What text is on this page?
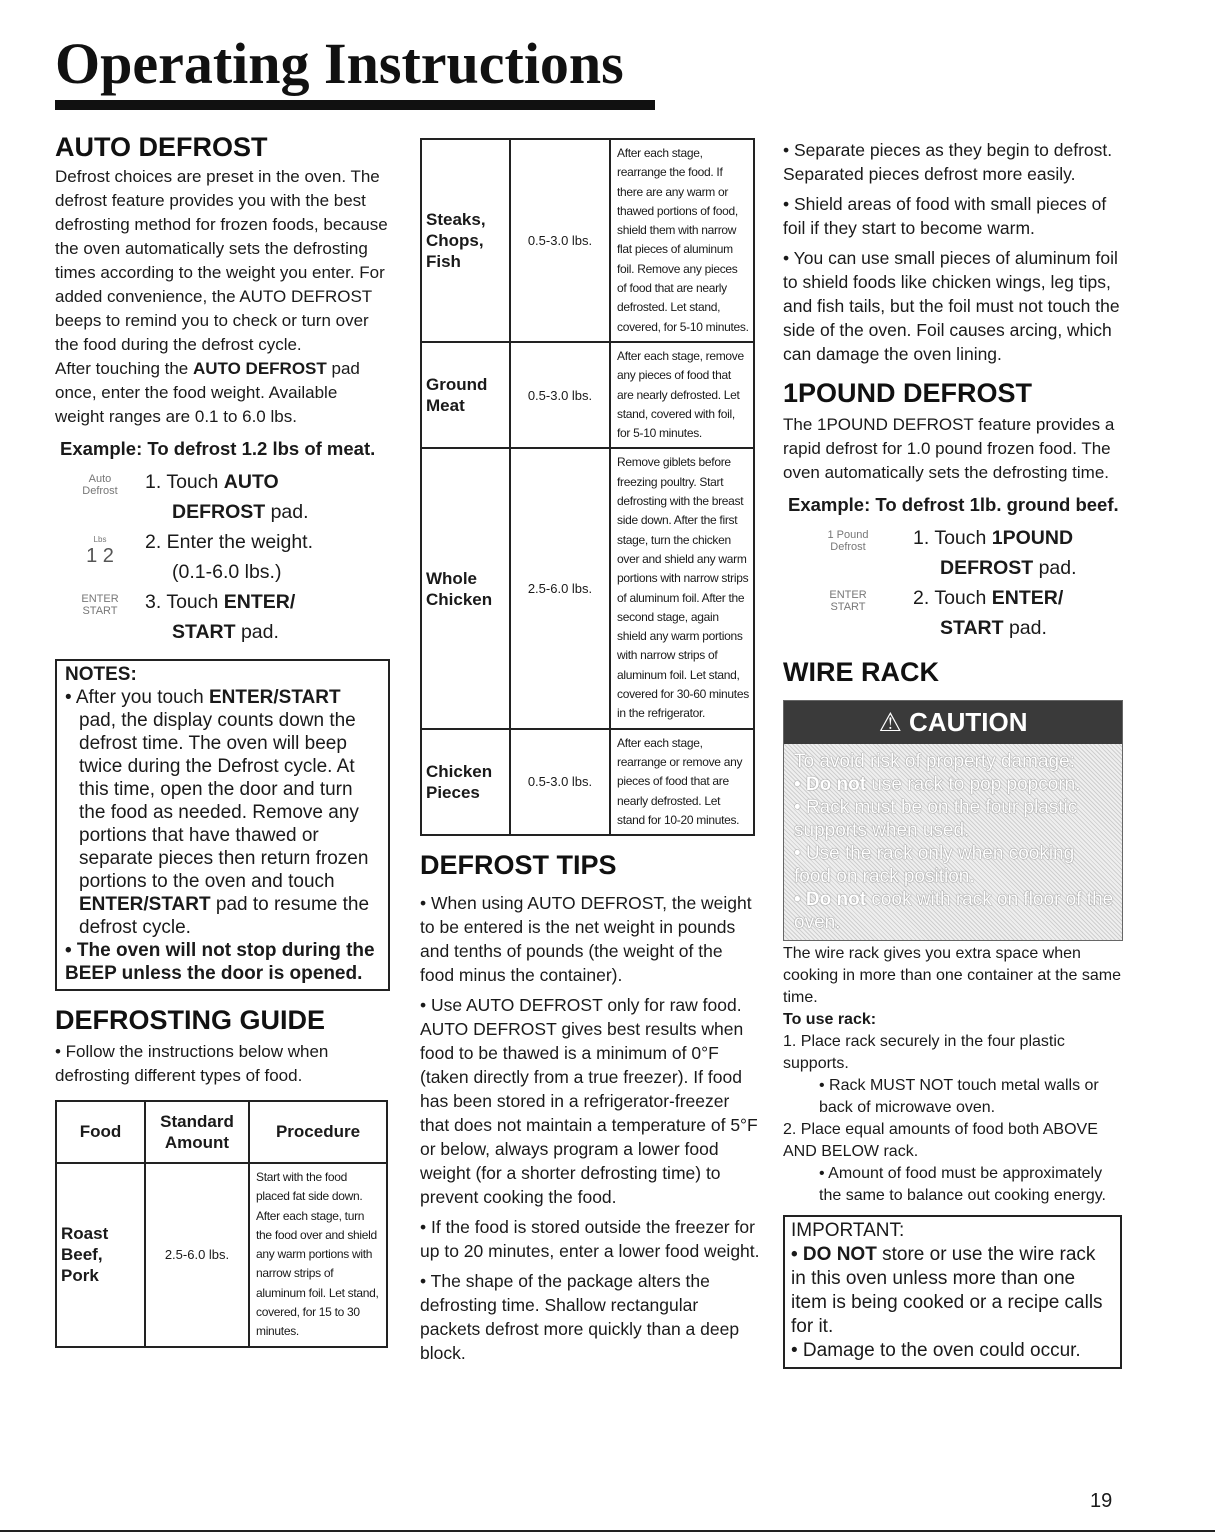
Operating Instructions
AUTO DEFROST

Defrost choices are preset in the oven. The defrost feature provides you with the best defrosting method for frozen foods, because the oven automatically sets the defrosting times according to the weight you enter. For added convenience, the AUTO DEFROST beeps to remind you to check or turn over the food during the defrost cycle.

After touching the AUTO DEFROST pad once, enter the food weight. Available weight ranges are 0.1 to 6.0 lbs.

Example: To defrost 1.2 lbs of meat.
Auto
Defrost	1. Touch AUTO
DEFROST pad.
Lbs
1 2
2. Enter the weight.
(0.1-6.0 lbs.)
ENTER
START	3. Touch ENTER/
START pad.
NOTES:
• After you touch ENTER/START
pad, the display counts down the defrost time. The oven will beep twice during the Defrost cycle. At this time, open the door and turn the food as needed. Remove any portions that have thawed or separate pieces then return frozen portions to the oven and touch ENTER/START pad to resume the defrost cycle.
• The oven will not stop during the BEEP unless the door is opened.
DEFROSTING GUIDE

• Follow the instructions below when defrosting different types of food.

Food	Standard Amount	Procedure
Roast Beef, Pork	2.5-6.0 lbs.	Start with the food placed fat side down. After each stage, turn the food over and shield any warm portions with narrow strips of aluminum foil. Let stand, covered, for 15 to 30 minutes.
Steaks, Chops, Fish	0.5-3.0 lbs.	After each stage, rearrange the food. If there are any warm or thawed portions of food, shield them with narrow flat pieces of aluminum foil. Remove any pieces of food that are nearly defrosted. Let stand, covered, for 5-10 minutes.
Ground Meat	0.5-3.0 lbs.	After each stage, remove any pieces of food that are nearly defrosted. Let stand, covered with foil, for 5-10 minutes.
Whole Chicken	2.5-6.0 lbs.	Remove giblets before freezing poultry. Start defrosting with the breast side down. After the first stage, turn the chicken over and shield any warm portions with narrow strips of aluminum foil. After the second stage, again shield any warm portions with narrow strips of aluminum foil. Let stand, covered for 30-60 minutes in the refrigerator.
Chicken Pieces	0.5-3.0 lbs.	After each stage, rearrange or remove any pieces of food that are nearly defrosted. Let stand for 10-20 minutes.
DEFROST TIPS
• When using AUTO DEFROST, the weight to be entered is the net weight in pounds and tenths of pounds (the weight of the food minus the container).
• Use AUTO DEFROST only for raw food. AUTO DEFROST gives best results when food to be thawed is a minimum of 0°F (taken directly from a true freezer). If food has been stored in a refrigerator-freezer that does not maintain a temperature of 5°F or below, always program a lower food weight (for a shorter defrosting time) to prevent cooking the food.
• If the food is stored outside the freezer for up to 20 minutes, enter a lower food weight.
• The shape of the package alters the defrosting time. Shallow rectangular packets defrost more quickly than a deep block.
• Separate pieces as they begin to defrost. Separated pieces defrost more easily.
• Shield areas of food with small pieces of foil if they start to become warm.
• You can use small pieces of aluminum foil to shield foods like chicken wings, leg tips, and fish tails, but the foil must not touch the side of the oven. Foil causes arcing, which can damage the oven lining.
1POUND DEFROST

The 1POUND DEFROST feature provides a rapid defrost for 1.0 pound frozen food. The oven automatically sets the defrosting time.

Example: To defrost 1lb. ground beef.
1 Pound
Defrost	1. Touch 1POUND
DEFROST pad.
ENTER
START	2. Touch ENTER/
START pad.
WIRE RACK
⚠ CAUTION
To avoid risk of property damage:
• Do not use rack to pop popcorn.
• Rack must be on the four plastic supports when used.
• Use the rack only when cooking food on rack position.
• Do not cook with rack on floor of the oven.

The wire rack gives you extra space when cooking in more than one container at the same time.

To use rack:
1. Place rack securely in the four plastic supports.
• Rack MUST NOT touch metal walls or back of microwave oven.
2. Place equal amounts of food both ABOVE AND BELOW rack.
• Amount of food must be approximately the same to balance out cooking energy.
IMPORTANT:
• DO NOT store or use the wire rack in this oven unless more than one item is being cooked or a recipe calls for it.
• Damage to the oven could occur.
19
